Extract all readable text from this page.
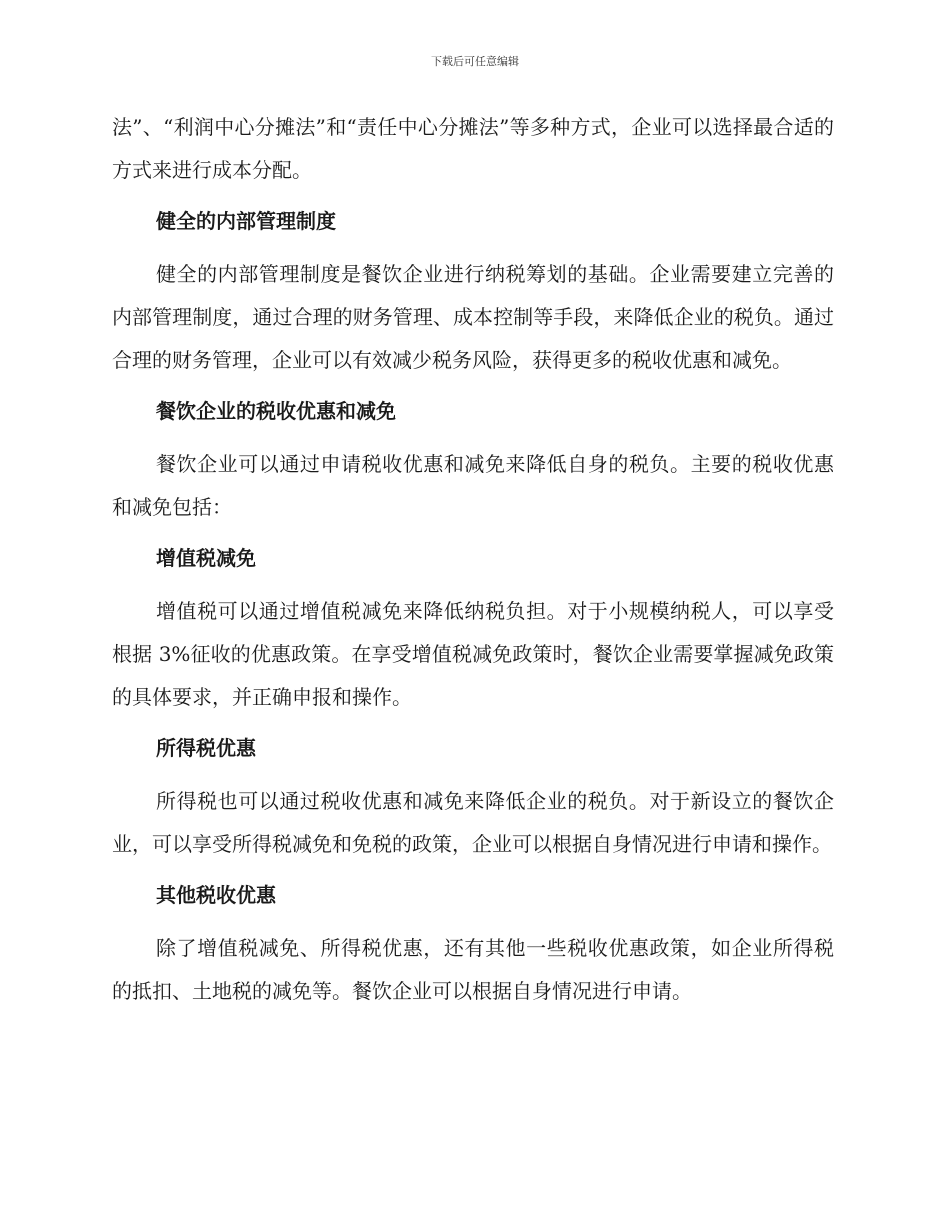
下载后可任意编辑

法”、“利润中心分摊法”和“责任中心分摊法”等多种方式，企业可以选择最合适的方式来进行成本分配。

健全的内部管理制度

健全的内部管理制度是餐饮企业进行纳税筹划的基础。企业需要建立完善的内部管理制度，通过合理的财务管理、成本控制等手段，来降低企业的税负。通过合理的财务管理，企业可以有效减少税务风险，获得更多的税收优惠和减免。

餐饮企业的税收优惠和减免

餐饮企业可以通过申请税收优惠和减免来降低自身的税负。主要的税收优惠和减免包括：

增值税减免

增值税可以通过增值税减免来降低纳税负担。对于小规模纳税人，可以享受根据 3%征收的优惠政策。在享受增值税减免政策时，餐饮企业需要掌握减免政策的具体要求，并正确申报和操作。

所得税优惠

所得税也可以通过税收优惠和减免来降低企业的税负。对于新设立的餐饮企业，可以享受所得税减免和免税的政策，企业可以根据自身情况进行申请和操作。

其他税收优惠

除了增值税减免、所得税优惠，还有其他一些税收优惠政策，如企业所得税的抵扣、土地税的减免等。餐饮企业可以根据自身情况进行申请。
